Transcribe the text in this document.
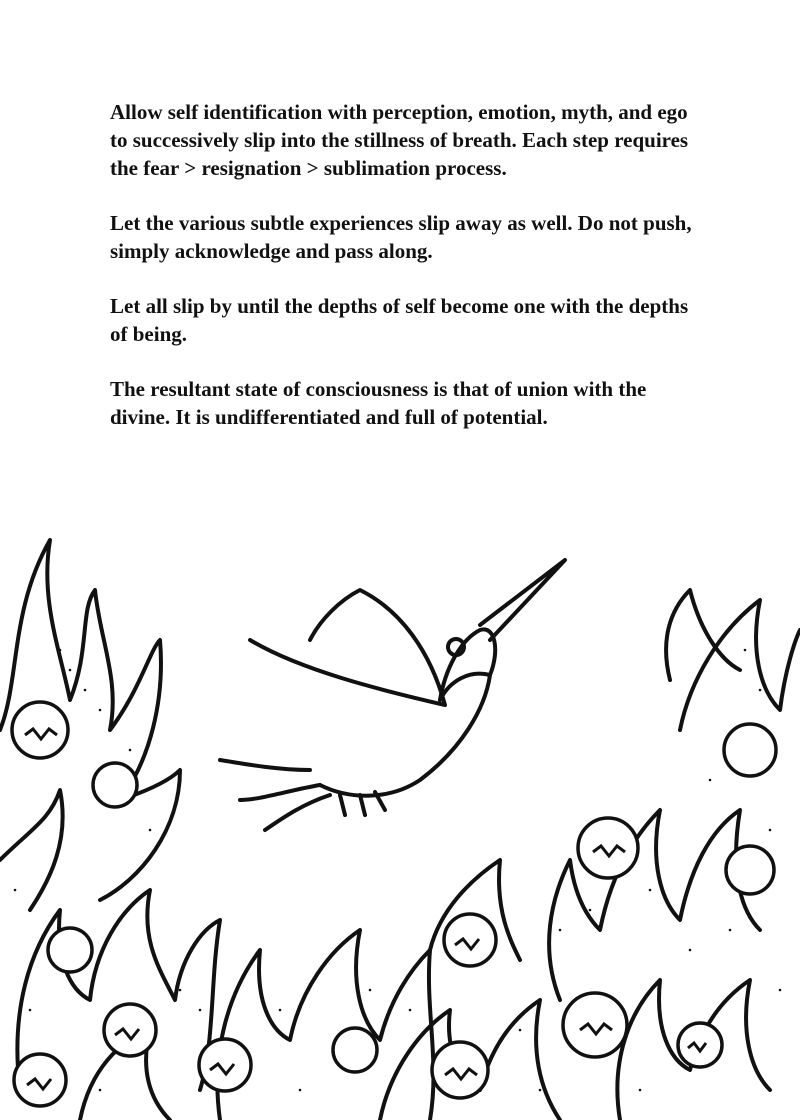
Allow self identification with perception, emotion, myth, and ego to successively slip into the stillness of breath. Each step requires the fear > resignation > sublimation process.

Let the various subtle experiences slip away as well. Do not push, simply acknowledge and pass along.

Let all slip by until the depths of self become one with the depths of being.

The resultant state of consciousness is that of union with the divine. It is undifferentiated and full of potential.
